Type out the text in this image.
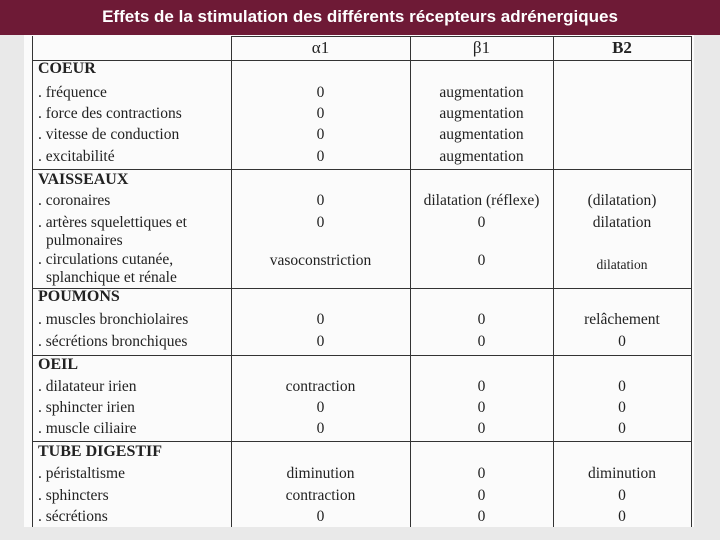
Effets de la stimulation des différents récepteurs adrénergiques
α1	β1	B2
COEUR
. fréquence
. force des contractions
. vitesse de conduction
. excitabilité
0
0
0
0
augmentation
augmentation
augmentation
augmentation
VAISSEAUX
. coronaires
. artères squelettiques et
pulmonaires
. circulations cutanée,
splanchique et rénale
0
0
vasoconstriction
dilatation (réflexe)
0
0
(dilatation)
dilatation
dilatation
POUMONS
. muscles bronchiolaires
. sécrétions bronchiques
0
0
0
0
relâchement
0
OEIL
. dilatateur irien
. sphincter irien
. muscle ciliaire
contraction
0
0
0
0
0
0
0
0
TUBE DIGESTIF
. péristaltisme
. sphincters
. sécrétions
diminution
contraction
0
0
0
0
diminution
0
0
